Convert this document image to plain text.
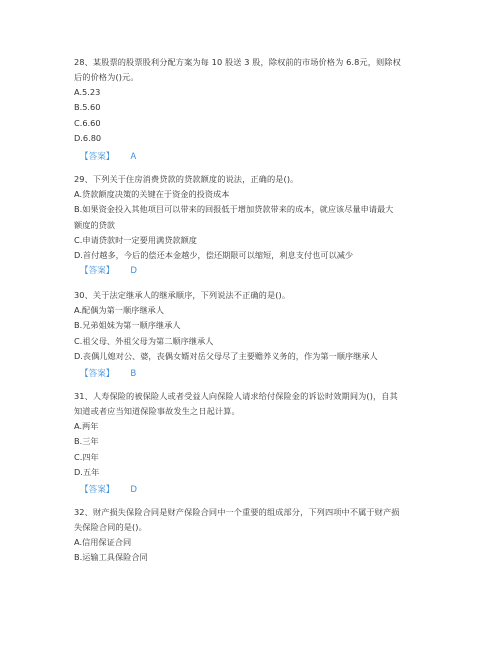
28、某股票的股票股利分配方案为每 10 股送 3 股，除权前的市场价格为 6.8元，则除权

后的价格为()元。

A.5.23

B.5.60

C.6.60

D.6.80

【答案】 A

29、下列关于住房消费贷款的贷款额度的说法，正确的是()。

A.贷款额度决策的关键在于资金的投资成本

B.如果资金投入其他项目可以带来的回报低于增加贷款带来的成本，就应该尽量申请最大

额度的贷款

C.申请贷款时一定要用满贷款额度

D.首付越多，今后的偿还本金越少，偿还期限可以缩短，利息支付也可以减少

【答案】 D

30、关于法定继承人的继承顺序，下列说法不正确的是()。

A.配偶为第一顺序继承人

B.兄弟姐妹为第一顺序继承人

C.祖父母、外祖父母为第二顺序继承人

D.丧偶儿媳对公、婆，丧偶女婿对岳父母尽了主要赡养义务的，作为第一顺序继承人

【答案】 B

31、人寿保险的被保险人或者受益人向保险人请求给付保险金的诉讼时效期间为()，自其

知道或者应当知道保险事故发生之日起计算。

A.两年

B.三年

C.四年

D.五年

【答案】 D

32、财产损失保险合同是财产保险合同中一个重要的组成部分，下列四项中不属于财产损

失保险合同的是()。

A.信用保证合同

B.运输工具保险合同
